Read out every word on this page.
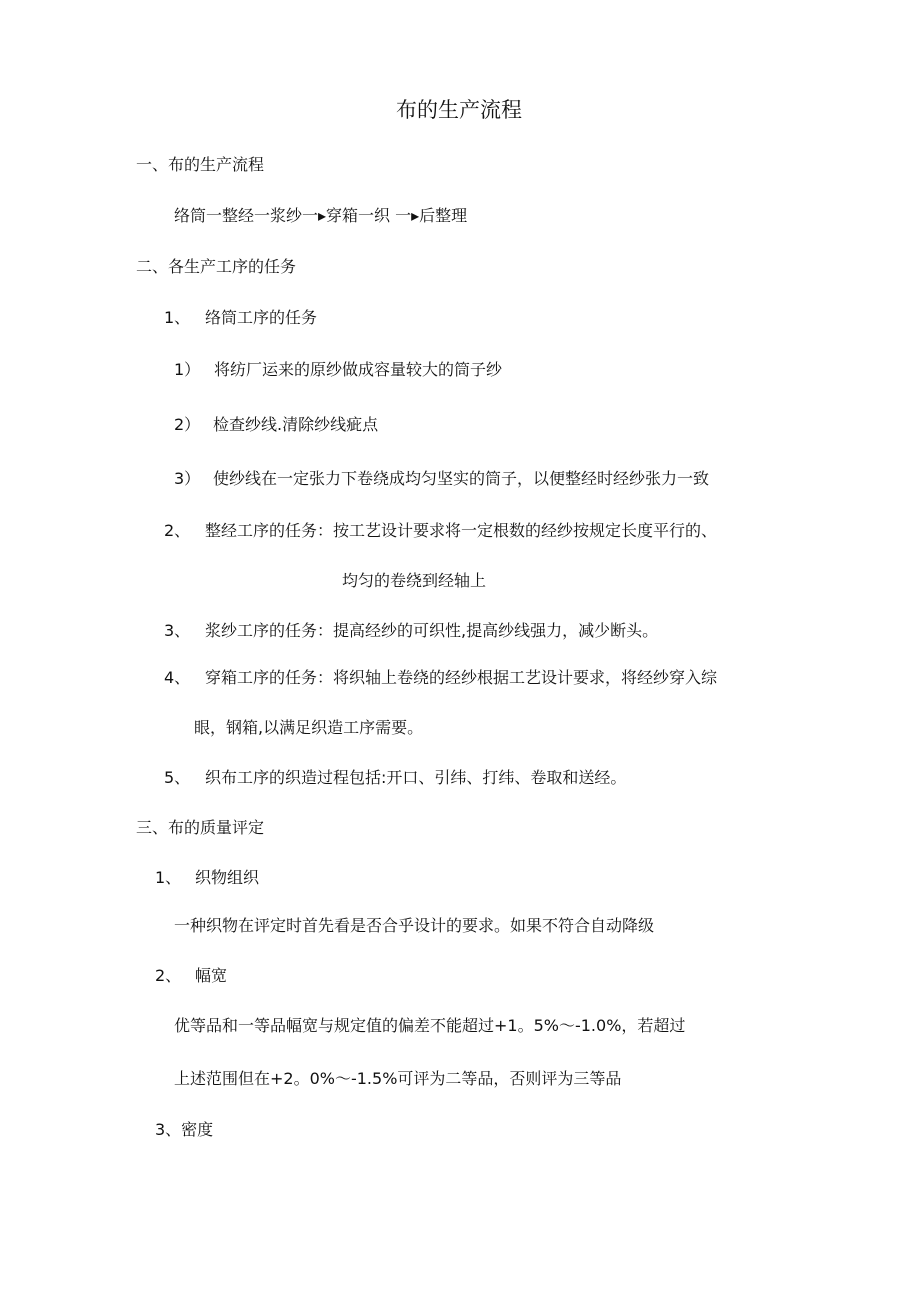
布的生产流程
一、布的生产流程
络筒一整经一浆纱一▸穿箱一织 一▸后整理
二、各生产工序的任务
1、 络筒工序的任务
1） 将纺厂运来的原纱做成容量较大的筒子纱
2） 检查纱线.清除纱线疵点
3） 使纱线在一定张力下卷绕成均匀坚实的筒子，以便整经时经纱张力一致
2、 整经工序的任务：按工艺设计要求将一定根数的经纱按规定长度平行的、
均匀的卷绕到经轴上
3、 浆纱工序的任务：提高经纱的可织性,提高纱线强力，减少断头。
4、 穿箱工序的任务：将织轴上卷绕的经纱根据工艺设计要求，将经纱穿入综
眼，钢箱,以满足织造工序需要。
5、 织布工序的织造过程包括:开口、引纬、打纬、卷取和送经。
三、布的质量评定
1、 织物组织
一种织物在评定时首先看是否合乎设计的要求。如果不符合自动降级
2、 幅宽
优等品和一等品幅宽与规定值的偏差不能超过+1。5%〜-1.0%，若超过
上述范围但在+2。0%〜-1.5%可评为二等品，否则评为三等品
3、密度
